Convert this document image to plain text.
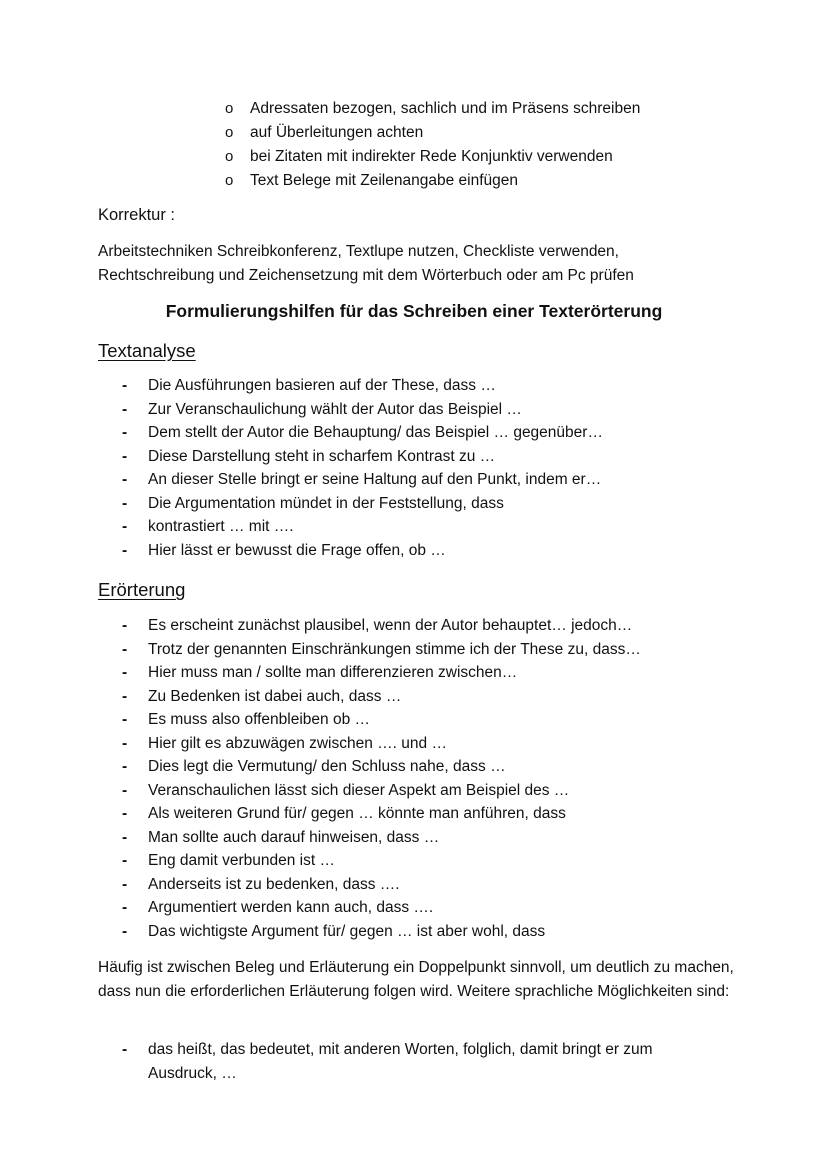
o Adressaten bezogen, sachlich und im Präsens schreiben
o auf Überleitungen achten
o bei Zitaten mit indirekter Rede Konjunktiv verwenden
o Text Belege mit Zeilenangabe einfügen
Korrektur :
Arbeitstechniken Schreibkonferenz, Textlupe nutzen, Checkliste verwenden, Rechtschreibung und Zeichensetzung mit dem Wörterbuch oder am Pc prüfen
Formulierungshilfen für das Schreiben einer Texterörterung
Textanalyse
- Die Ausführungen basieren auf der These, dass …
- Zur Veranschaulichung wählt der Autor das Beispiel …
- Dem stellt der Autor die Behauptung/ das Beispiel … gegenüber…
- Diese Darstellung steht in scharfem Kontrast zu …
- An dieser Stelle bringt er seine Haltung auf den Punkt, indem er…
- Die Argumentation mündet in der Feststellung, dass
- kontrastiert … mit ….
- Hier lässt er bewusst die Frage offen, ob …
Erörterung
- Es erscheint zunächst plausibel, wenn der Autor behauptet… jedoch…
- Trotz der genannten Einschränkungen stimme ich der These zu, dass…
- Hier muss man / sollte man differenzieren zwischen…
- Zu Bedenken ist dabei auch, dass …
- Es muss also offenbleiben ob …
- Hier gilt es abzuwägen zwischen …. und …
- Dies legt die Vermutung/ den Schluss nahe, dass …
- Veranschaulichen lässt sich dieser Aspekt am Beispiel des …
- Als weiteren Grund für/ gegen … könnte man anführen, dass
- Man sollte auch darauf hinweisen, dass …
- Eng damit verbunden ist …
- Anderseits ist zu bedenken, dass ….
- Argumentiert werden kann auch, dass ….
- Das wichtigste Argument für/ gegen … ist aber wohl, dass
Häufig ist zwischen Beleg und Erläuterung ein Doppelpunkt sinnvoll, um deutlich zu machen, dass nun die erforderlichen Erläuterung folgen wird. Weitere sprachliche Möglichkeiten sind:
- das heißt, das bedeutet, mit anderen Worten, folglich, damit bringt er zum Ausdruck, …
